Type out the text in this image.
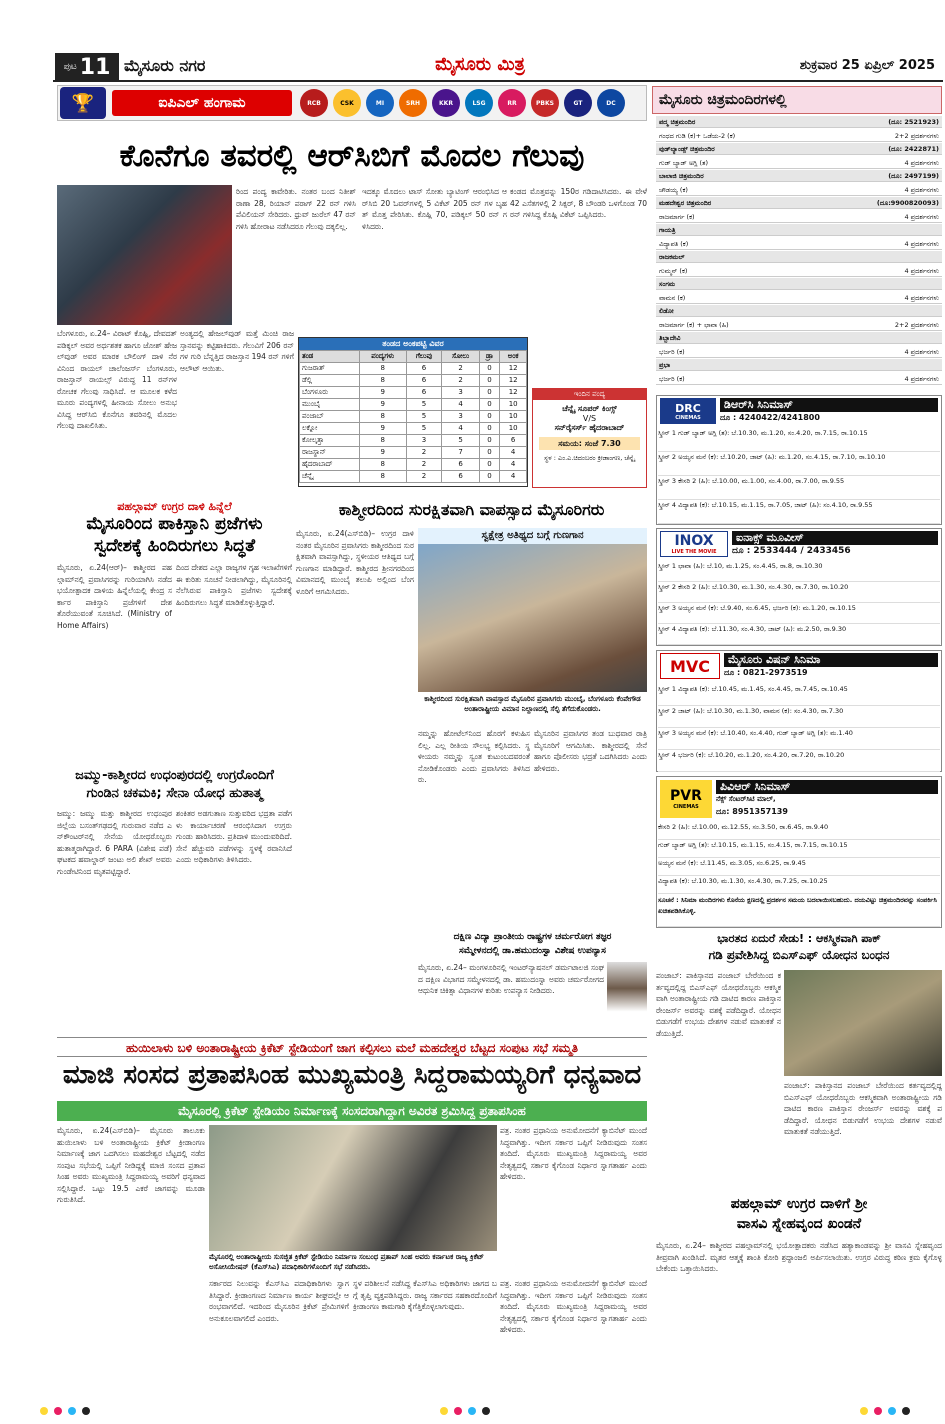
ಪುಟ 11 ಮೈಸೂರು ನಗರ	ಮೈಸೂರು ಮಿತ್ರ	ಶುಕ್ರವಾರ 25 ಏಪ್ರಿಲ್ 2025
🏆	ಐಪಿಎಲ್ ಹಂಗಾಮ	RCB	CSK	MI	SRH	KKR	LSG	RR	PBKS	GT	DC
ಕೊನೆಗೂ ತವರಲ್ಲಿ ಆರ್‌ಸಿಬಿಗೆ ಮೊದಲ ಗೆಲುವು
ಬೆಂಗಳೂರು, ಏ.24– ವಿರಾಟ್ ಕೊಹ್ಲಿ, ದೇವದತ್ ಪಡಿಕ್ಕಲ್ ಅವರ ಅರ್ಧಶತಕ ಹಾಗೂ ಜೋಶ್ ಹೇಜಲ್‌ವುಡ್ ಅವರ ಮಾರಕ ಬೌಲಿಂಗ್ ದಾಳಿ ನೆರವಿನಿಂದ ರಾಯಲ್ ಚಾಲೆಂಜರ್ಸ್ ಬೆಂಗಳೂರು, ರಾಜಸ್ತಾನ್ ರಾಯಲ್ಸ್ ವಿರುದ್ಧ 11 ರನ್‌ಗಳ ರೋಚಕ ಗೆಲುವು ಸಾಧಿಸಿದೆ. ಆ ಮೂಲಕ ಕಳೆದ ಮೂರು ಪಂದ್ಯಗಳಲ್ಲಿ ಹೀನಾಯ ಸೋಲು ಅನುಭವಿಸಿದ್ದ ಆರ್‌ಸಿಬಿ ಕೊನೆಗೂ ತವರಿನಲ್ಲಿ ಮೊದಲ ಗೆಲುವು ದಾಖಲಿಸಿತು.
ಅಂತ್ಯದಲ್ಲಿ ಹೇಜಲ್‌ವುಡ್ ಮತ್ತೆ ಮಿಂಚಿ ರಾಜಸ್ತಾನವನ್ನು ಕಟ್ಟಿಹಾಕಿದರು. ಗೆಲುವಿಗೆ 206 ರನ್ ಗಳ ಗುರಿ ಬೆನ್ನತ್ತಿದ ರಾಜಸ್ತಾನ 194 ರನ್ ಗಳಿಗೆ ಆಲೌಟ್ ಆಯಿತು.
ರಿಂದ ಪಂದ್ಯ ಕಾವೇರಿತು. ನಂತರ ಬಂದ ನಿತೀಶ್ ರಾಣಾ 28, ರಿಯಾನ್ ಪರಾಗ್ 22 ರನ್ ಗಳಿಸಿ ಪೆವಿಲಿಯನ್ ಸೇರಿದರು. ಧ್ರುವ್ ಜುರೆಲ್ 47 ರನ್ ಗಳಿಸಿ ಹೋರಾಟ ನಡೆಸಿದರೂ ಗೆಲುವು ದಕ್ಕಲಿಲ್ಲ.
ಇದಕ್ಕೂ ಮೊದಲು ಟಾಸ್ ಸೋತು ಬ್ಯಾಟಿಂಗ್ ಆರಂಭಿಸಿದ ಆರ್‌ಸಿಬಿ 20 ಓವರ್‌ಗಳಲ್ಲಿ 5 ವಿಕೆಟ್ 205 ರನ್ ಗಳ ಬೃಹತ್ ಮೊತ್ತ ಪೇರಿಸಿತು. ಕೊಹ್ಲಿ 70, ಪಡಿಕ್ಕಲ್ 50 ರನ್ ಗಳಿಸಿದರು.
ಕಂಡದ ಮೊತ್ತವನ್ನು 150ರ ಗಡಿದಾಟಿಸಿದರು. ಈ ವೇಳೆ 42 ಎಸೆತಗಳಲ್ಲಿ 2 ಸಿಕ್ಸರ್, 8 ಬೌಂಡರಿ ಒಳಗೊಂಡ 70 ರನ್ ಗಳಿಸಿದ್ದ ಕೊಹ್ಲಿ ವಿಕೆಟ್ ಒಪ್ಪಿಸಿದರು.
ತಂಡದ ಅಂಕಪಟ್ಟಿ ವಿವರ
ತಂಡ	ಪಂದ್ಯಗಳು	ಗೆಲುವು	ಸೋಲು	ಡ್ರಾ	ಅಂಕ
ಗುಜರಾತ್	8	6	2	0	12
ಡೆಲ್ಲಿ	8	6	2	0	12
ಬೆಂಗಳೂರು	9	6	3	0	12
ಮುಂಬೈ	9	5	4	0	10
ಪಂಜಾಬ್	8	5	3	0	10
ಲಕ್ನೋ	9	5	4	0	10
ಕೋಲ್ಕತ್ತಾ	8	3	5	0	6
ರಾಜಸ್ಥಾನ್	9	2	7	0	4
ಹೈದರಾಬಾದ್	8	2	6	0	4
ಚೆನ್ನೈ	8	2	6	0	4
ಇಂದಿನ ಪಂದ್ಯ
ಚೆನ್ನೈ ಸೂಪರ್ ಕಿಂಗ್ಸ್
V/S
ಸನ್‌ರೈಸರ್ಸ್ ಹೈದರಾಬಾದ್
ಸಮಯ: ಸಂಜೆ 7.30
ಸ್ಥಳ : ಎಂ.ಎ.ಚಿದಂಬರಂ ಕ್ರೀಡಾಂಗಣ, ಚೆನ್ನೈ
ಪಹಲ್ಗಾಮ್ ಉಗ್ರರ ದಾಳಿ ಹಿನ್ನೆಲೆ
ಮೈಸೂರಿಂದ ಪಾಕಿಸ್ತಾನಿ ಪ್ರಜೆಗಳು
ಸ್ವದೇಶಕ್ಕೆ ಹಿಂದಿರುಗಲು ಸಿದ್ಧತೆ
ಮೈಸೂರು, ಏ.24(ಆರ್‌)– ಕಾಶ್ಮೀರದ ಪಹಲ್ಗಾಮ್‌ನಲ್ಲಿ ಪ್ರವಾಸಿಗರನ್ನು ಗುರಿಯಾಗಿಸಿ ನಡೆದ ಭಯೋತ್ಪಾದಕ ದಾಳಿಯ ಹಿನ್ನೆಲೆಯಲ್ಲಿ ಕೇಂದ್ರ ಸರ್ಕಾರ ಪಾಕಿಸ್ತಾನಿ ಪ್ರಜೆಗಳಿಗೆ ದೇಶ ತೊರೆಯುವಂತೆ ಸೂಚಿಸಿದೆ. (Ministry of Home Affairs)
ದಿಂದ ದೇಶದ ಎಲ್ಲಾ ರಾಜ್ಯಗಳ ಗೃಹ ಇಲಾಖೆಗಳಿಗೆ ಈ ಕುರಿತು ಸೂಚನೆ ನೀಡಲಾಗಿದ್ದು, ಮೈಸೂರಿನಲ್ಲಿ ನೆಲೆಸಿರುವ ಪಾಕಿಸ್ತಾನಿ ಪ್ರಜೆಗಳು ಸ್ವದೇಶಕ್ಕೆ ಹಿಂದಿರುಗಲು ಸಿದ್ಧತೆ ಮಾಡಿಕೊಳ್ಳುತ್ತಿದ್ದಾರೆ.
ಜಮ್ಮು-ಕಾಶ್ಮೀರದ ಉಧಂಪುರದಲ್ಲಿ ಉಗ್ರರೊಂದಿಗೆ
ಗುಂಡಿನ ಚಕಮಕಿ; ಸೇನಾ ಯೋಧ ಹುತಾತ್ಮ
ಜಮ್ಮು: ಜಮ್ಮು ಮತ್ತು ಕಾಶ್ಮೀರದ ಉಧಂಪುರ ಜಿಲ್ಲೆಯ ಬಸಂತ್‌ಗಢದಲ್ಲಿ ಗುರುವಾರ ನಡೆದ ಎನ್‌ಕೌಂಟರ್‌ನಲ್ಲಿ ಸೇನೆಯ ಯೋಧರೊಬ್ಬರು ಹುತಾತ್ಮರಾಗಿದ್ದಾರೆ. 6 PARA (ವಿಶೇಷ ಪಡೆ) ಘಟಕದ ಹವಾಲ್ದಾರ್ ಜಂಟು ಅಲಿ ಶೇಖ್ ಅವರು ಗುಂಡೇಟಿನಿಂದ ಮೃತಪಟ್ಟಿದ್ದಾರೆ.
ಶಂಕಿತರ ಅಡಗುತಾಣ ಸುತ್ತುವರಿದ ಭದ್ರತಾ ಪಡೆಗಳು ಕಾರ್ಯಾಚರಣೆ ಆರಂಭಿಸಿದಾಗ ಉಗ್ರರು ಗುಂಡು ಹಾರಿಸಿದರು. ಪ್ರತಿದಾಳಿ ಮುಂದುವರಿದಿದೆ. ಸೇನೆ ಹೆಚ್ಚುವರಿ ಪಡೆಗಳನ್ನು ಸ್ಥಳಕ್ಕೆ ರವಾನಿಸಿದೆ ಎಂದು ಅಧಿಕಾರಿಗಳು ತಿಳಿಸಿದರು.
ಕಾಶ್ಮೀರದಿಂದ ಸುರಕ್ಷಿತವಾಗಿ ವಾಪಸ್ಸಾದ ಮೈಸೂರಿಗರು
ಮೈಸೂರು, ಏ.24(ಎಸ್‌ಬಿಡಿ)– ಉಗ್ರರ ದಾಳಿ ನಂತರ ಮೈಸೂರಿನ ಪ್ರವಾಸಿಗರು ಕಾಶ್ಮೀರದಿಂದ ಸುರಕ್ಷಿತವಾಗಿ ವಾಪಸ್ಸಾಗಿದ್ದು, ಸ್ಥಳೀಯರ ಆತಿಥ್ಯದ ಬಗ್ಗೆ ಗುಣಗಾನ ಮಾಡಿದ್ದಾರೆ. ಕಾಶ್ಮೀರದ ಶ್ರೀನಗರದಿಂದ ವಿಮಾನದಲ್ಲಿ ಮುಂಬೈ ತಲುಪಿ ಅಲ್ಲಿಂದ ಬೆಂಗಳೂರಿಗೆ ಆಗಮಿಸಿದರು.
ಸ್ವಕ್ಷೇತ್ರ ಅತಿಥ್ಯದ ಬಗ್ಗೆ ಗುಣಗಾನ
ಕಾಶ್ಮೀರದಿಂದ ಸುರಕ್ಷಿತವಾಗಿ ವಾಪಸ್ಸಾದ ಮೈಸೂರಿನ ಪ್ರವಾಸಿಗರು ಮುಂಬೈ, ಬೆಂಗಳೂರು ಕೆಂಪೇಗೌಡ ಅಂತಾರಾಷ್ಟ್ರೀಯ ವಿಮಾನ ನಿಲ್ದಾಣದಲ್ಲಿ ಸೆಲ್ಫಿ ತೆಗೆದುಕೊಂಡರು.
ನಮ್ಮನ್ನು ಹೋಟೆಲ್‌ನಿಂದ ಹೊರಗೆ ಕಳುಹಿಸಲಿಲ್ಲ. ಎಲ್ಲ ರೀತಿಯ ಸೌಲಭ್ಯ ಕಲ್ಪಿಸಿದರು. ಸ್ಥಳೀಯರು ನಮ್ಮನ್ನು ಸ್ವಂತ ಕುಟುಂಬದವರಂತೆ ನೋಡಿಕೊಂಡರು ಎಂದು ಪ್ರವಾಸಿಗರು ತಿಳಿಸಿದರು.
ಮೈಸೂರಿನ ಪ್ರವಾಸಿಗರ ತಂಡ ಬುಧವಾರ ರಾತ್ರಿ ಮೈಸೂರಿಗೆ ಆಗಮಿಸಿತು. ಕಾಶ್ಮೀರದಲ್ಲಿ ಸೇನೆ ಹಾಗೂ ಪೊಲೀಸರು ಭದ್ರತೆ ಒದಗಿಸಿದರು ಎಂದು ಹೇಳಿದರು.
ದಕ್ಷಿಣ ವಿದ್ಯಾ ಪ್ರಾಂತೀಯ ರಾಷ್ಟ್ರಗಳ ಚರ್ಮರೋಗ ತಜ್ಞರ
ಸಮ್ಮೇಳನದಲ್ಲಿ ಡಾ.ಹಮುದಂಸ್ವಾ ವಿಶೇಷ ಉಪನ್ಯಾಸ
ಮೈಸೂರು, ಏ.24– ಮಂಗಳೂರಿನಲ್ಲಿ ಇಂಟರ್‌ನ್ಯಾಷನಲ್ ಡರ್ಮಟಾಲಜಿ ಸಂಘದ ದಕ್ಷಿಣ ವಿಭಾಗದ ಸಮ್ಮೇಳನದಲ್ಲಿ ಡಾ. ಹಮುದಂಸ್ವಾ ಅವರು ಚರ್ಮರೋಗದ ಆಧುನಿಕ ಚಿಕಿತ್ಸಾ ವಿಧಾನಗಳ ಕುರಿತು ಉಪನ್ಯಾಸ ನೀಡಿದರು.
ಹುಯಿಲಾಳು ಬಳಿ ಅಂತಾರಾಷ್ಟ್ರೀಯ ಕ್ರಿಕೆಟ್ ಸ್ಟೇಡಿಯಂಗೆ ಜಾಗ ಕಲ್ಪಿಸಲು ಮಲೆ ಮಹದೇಶ್ವರ ಬೆಟ್ಟದ ಸಂಪುಟ ಸಭೆ ಸಮ್ಮತಿ
ಮಾಜಿ ಸಂಸದ ಪ್ರತಾಪಸಿಂಹ ಮುಖ್ಯಮಂತ್ರಿ ಸಿದ್ದರಾಮಯ್ಯರಿಗೆ ಧನ್ಯವಾದ
ಮೈಸೂರಲ್ಲಿ ಕ್ರಿಕೆಟ್ ಸ್ಟೇಡಿಯಂ ನಿರ್ಮಾಣಕ್ಕೆ ಸಂಸದರಾಗಿದ್ದಾಗ ಅವಿರತ ಶ್ರಮಿಸಿದ್ದ ಪ್ರತಾಪಸಿಂಹ
ಮೈಸೂರು, ಏ.24(ಎಸ್‌ಬಿಡಿ)– ಮೈಸೂರು ತಾಲೂಕು ಹುಯಿಲಾಳು ಬಳಿ ಅಂತಾರಾಷ್ಟ್ರೀಯ ಕ್ರಿಕೆಟ್ ಕ್ರೀಡಾಂಗಣ ನಿರ್ಮಾಣಕ್ಕೆ ಜಾಗ ಒದಗಿಸಲು ಮಹದೇಶ್ವರ ಬೆಟ್ಟದಲ್ಲಿ ನಡೆದ ಸಂಪುಟ ಸಭೆಯಲ್ಲಿ ಒಪ್ಪಿಗೆ ನೀಡಿದ್ದಕ್ಕೆ ಮಾಜಿ ಸಂಸದ ಪ್ರತಾಪಸಿಂಹ ಅವರು ಮುಖ್ಯಮಂತ್ರಿ ಸಿದ್ದರಾಮಯ್ಯ ಅವರಿಗೆ ಧನ್ಯವಾದ ಸಲ್ಲಿಸಿದ್ದಾರೆ. ಒಟ್ಟು 19.5 ಎಕರೆ ಜಾಗವನ್ನು ಮೂಡಾ ಗುರುತಿಸಿದೆ.
ಮೈಸೂರಲ್ಲಿ ಅಂತಾರಾಷ್ಟ್ರೀಯ ಸುಸಜ್ಜಿತ ಕ್ರಿಕೆಟ್ ಸ್ಟೇಡಿಯಂ ನಿರ್ಮಾಣ ಸಂಬಂಧ ಪ್ರತಾಪ್ ಸಿಂಹ ಅವರು ಕರ್ನಾಟಕ ರಾಜ್ಯ ಕ್ರಿಕೆಟ್ ಅಸೋಸಿಯೇಷನ್ (ಕೆಎಸ್‌ಸಿಎ) ಪದಾಧಿಕಾರಿಗಳೊಂದಿಗೆ ಸಭೆ ನಡೆಸಿದರು.
ಪತ್ರ. ನಂತರ ಪ್ರಧಾನಿಯ ಅನುಮೋದನೆಗೆ ಕ್ಯಾಬಿನೆಟ್‌ ಮುಂದೆ ಸಿದ್ಧವಾಗಿತ್ತು. ಇದೀಗ ಸರ್ಕಾರ ಒಪ್ಪಿಗೆ ನೀಡಿರುವುದು ಸಂತಸ ತಂದಿದೆ. ಮೈಸೂರು ಮುಖ್ಯಮಂತ್ರಿ ಸಿದ್ದರಾಮಯ್ಯ ಅವರ ನೇತೃತ್ವದಲ್ಲಿ ಸರ್ಕಾರ ಕೈಗೊಂಡ ನಿರ್ಧಾರ ಸ್ವಾಗತಾರ್ಹ ಎಂದು ಹೇಳಿದರು.
ಸರ್ಕಾರದ ನಿಲುವನ್ನು ಕೆಎಸ್‌ಸಿಎ ಪದಾಧಿಕಾರಿಗಳು ಸ್ವಾಗತಿಸಿದ್ದಾರೆ. ಕ್ರೀಡಾಂಗಣದ ನಿರ್ಮಾಣ ಕಾರ್ಯ ಶೀಘ್ರದಲ್ಲೇ ಆರಂಭವಾಗಲಿದೆ. ಇದರಿಂದ ಮೈಸೂರಿನ ಕ್ರಿಕೆಟ್ ಪ್ರೇಮಿಗಳಿಗೆ ಅನುಕೂಲವಾಗಲಿದೆ ಎಂದರು.
ಸ್ಥಳ ಪರಿಶೀಲನೆ ನಡೆಸಿದ್ದ ಕೆಎಸ್‌ಸಿಎ ಅಧಿಕಾರಿಗಳು ಜಾಗದ ಬಗ್ಗೆ ತೃಪ್ತಿ ವ್ಯಕ್ತಪಡಿಸಿದ್ದರು. ರಾಜ್ಯ ಸರ್ಕಾರದ ಸಹಕಾರದೊಂದಿಗೆ ಕ್ರೀಡಾಂಗಣ ಕಾಮಗಾರಿ ಕೈಗೆತ್ತಿಕೊಳ್ಳಲಾಗುವುದು.
ಪತ್ರ. ನಂತರ ಪ್ರಧಾನಿಯ ಅನುಮೋದನೆಗೆ ಕ್ಯಾಬಿನೆಟ್‌ ಮುಂದೆ ಸಿದ್ಧವಾಗಿತ್ತು. ಇದೀಗ ಸರ್ಕಾರ ಒಪ್ಪಿಗೆ ನೀಡಿರುವುದು ಸಂತಸ ತಂದಿದೆ. ಮೈಸೂರು ಮುಖ್ಯಮಂತ್ರಿ ಸಿದ್ದರಾಮಯ್ಯ ಅವರ ನೇತೃತ್ವದಲ್ಲಿ ಸರ್ಕಾರ ಕೈಗೊಂಡ ನಿರ್ಧಾರ ಸ್ವಾಗತಾರ್ಹ ಎಂದು ಹೇಳಿದರು.
ಮೈಸೂರು ಚಿತ್ರಮಂದಿರಗಳಲ್ಲಿ
ಪದ್ಮ ಚಿತ್ರಮಂದಿರ	(ದೂ: 2521923)
ಗಂಧದ ಗುಡಿ (ಕ)+ ಒಡೆಯ-2 (ಕ)	2+2 ಪ್ರದರ್ಶನಗಳು
ವುಡ್‌ಲ್ಯಾಂಡ್ಸ್ ಚಿತ್ರಮಂದಿರ	(ದೂ: 2422871)
ಗುಡ್ ಬ್ಯಾಡ್ ಅಗ್ಲಿ (ತ)	4 ಪ್ರದರ್ಶನಗಳು
ಬಾಲಾಜಿ ಚಿತ್ರಮಂದಿರ	(ದೂ: 2497199)
ಚೌಡಯ್ಯ (ಕ)	4 ಪ್ರದರ್ಶನಗಳು
ಮಹದೇಶ್ವರ ಚಿತ್ರಮಂದಿರ	(ದೂ:9900820093)
ರಾಜಮಾರ್ಗ (ಕ)	4 ಪ್ರದರ್ಶನಗಳು
ಗಾಯತ್ರಿ
ವಿದ್ಯಾಪತಿ (ಕ)	4 ಪ್ರದರ್ಶನಗಳು
ರಾಜಕಮಲ್
ಗುಮ್ಮನ್ (ಕ)	4 ಪ್ರದರ್ಶನಗಳು
ಸಂಗಮ
ವಾಮನ (ಕ)	4 ಪ್ರದರ್ಶನಗಳು
ಲಿಡೋ
ರಾಜಮಾರ್ಗ (ಕ) + ಛಾವಾ (ಹಿ)	2+2 ಪ್ರದರ್ಶನಗಳು
ತಿಬ್ಬಾದೇವಿ
ಭರ್ಜರಿ (ಕ)	4 ಪ್ರದರ್ಶನಗಳು
ಪ್ರಭಾ
ಭರ್ಜರಿ (ಕ)	4 ಪ್ರದರ್ಶನಗಳು
DRC
CINEMAS
ಡಿಆರ್‌ಸಿ ಸಿನಿಮಾಸ್
ದೂ : 4240422/4241800
ಸ್ಕ್ರೀನ್ 1 ಗುಡ್ ಬ್ಯಾಡ್ ಅಗ್ಲಿ (ತ): ಬೆ.10.30, ಮ.1.20, ಸಂ.4.20, ರಾ.7.15, ರಾ.10.15
ಸ್ಕ್ರೀನ್ 2 ಅಯ್ಯನ ಮನೆ (ಕ): ಬೆ.10.20, ಜಾಟ್ (ಹಿ): ಮ.1.20, ಸಂ.4.15, ರಾ.7.10, ರಾ.10.10
ಸ್ಕ್ರೀನ್ 3 ಕೇಸರಿ 2 (ಹಿ): ಬೆ.10.00, ಮ.1.00, ಸಂ.4.00, ರಾ.7.00, ರಾ.9.55
ಸ್ಕ್ರೀನ್ 4 ವಿದ್ಯಾಪತಿ (ಕ): ಬೆ.10.15, ಮ.1.15, ರಾ.7.05, ಜಾಟ್ (ಹಿ): ಸಂ.4.10, ರಾ.9.55
INOX
LIVE THE MOVIE
ಐನಾಕ್ಸ್ ಮೂವೀಸ್
ದೂ : 2533444 / 2433456
ಸ್ಕ್ರೀನ್ 1 ಛಾವಾ (ಹಿ): ಬೆ.10, ಮ.1.25, ಸಂ.4.45, ರಾ.8, ರಾ.10.30
ಸ್ಕ್ರೀನ್ 2 ಕೇಸರಿ 2 (ಹಿ): ಬೆ.10.30, ಮ.1.30, ಸಂ.4.30, ರಾ.7.30, ರಾ.10.20
ಸ್ಕ್ರೀನ್ 3 ಅಯ್ಯನ ಮನೆ (ಕ): ಬೆ.9.40, ಸಂ.6.45, ಭರ್ಜರಿ (ಕ): ಮ.1.20, ರಾ.10.15
ಸ್ಕ್ರೀನ್ 4 ವಿದ್ಯಾಪತಿ (ಕ): ಬೆ.11.30, ಸಂ.4.30, ಜಾಟ್ (ಹಿ): ಮ.2.50, ರಾ.9.30
MVC	ಮೈಸೂರು ವಿಷನ್ ಸಿನಿಮಾ
ದೂ : 0821-2973519
ಸ್ಕ್ರೀನ್ 1 ವಿದ್ಯಾಪತಿ (ಕ): ಬೆ.10.45, ಮ.1.45, ಸಂ.4.45, ರಾ.7.45, ರಾ.10.45
ಸ್ಕ್ರೀನ್ 2 ಜಾಟ್ (ಹಿ): ಬೆ.10.30, ಮ.1.30, ವಾಮನ (ಕ): ಸಂ.4.30, ರಾ.7.30
ಸ್ಕ್ರೀನ್ 3 ಅಯ್ಯನ ಮನೆ (ಕ): ಬೆ.10.40, ಸಂ.4.40, ಗುಡ್ ಬ್ಯಾಡ್ ಅಗ್ಲಿ (ತ): ಮ.1.40
ಸ್ಕ್ರೀನ್ 4 ಭರ್ಜರಿ (ಕ): ಬೆ.10.20, ಮ.1.20, ಸಂ.4.20, ರಾ.7.20, ರಾ.10.20
PVR
CINEMAS
ಪಿವಿಆರ್ ಸಿನಿಮಾಸ್
ನೆಕ್ಸ್ ಸೆಂಟರ್‌ಸಿಟಿ ಮಾಲ್,
ದೂ: 8951357139
ಕೇಸರಿ 2 (ಹಿ): ಬೆ.10.00, ಮ.12.55, ಸಂ.3.50, ರಾ.6.45, ರಾ.9.40
ಗುಡ್ ಬ್ಯಾಡ್ ಅಗ್ಲಿ (ತ): ಬೆ.10.15, ಮ.1.15, ಸಂ.4.15, ರಾ.7.15, ರಾ.10.15
ಅಯ್ಯನ ಮನೆ (ಕ): ಬೆ.11.45, ಮ.3.05, ಸಂ.6.25, ರಾ.9.45
ವಿದ್ಯಾಪತಿ (ಕ): ಬೆ.10.30, ಮ.1.30, ಸಂ.4.30, ರಾ.7.25, ರಾ.10.25
ಸೂಚನೆ : ಸಿನಿಮಾ ಮಂದಿರಗಳು ಕೊನೆಯ ಕ್ಷಣದಲ್ಲಿ ಪ್ರದರ್ಶನ ಸಮಯ ಬದಲಾಯಿಸಬಹುದು. ದಯವಿಟ್ಟು ಚಿತ್ರಮಂದಿರವನ್ನು ಸಂಪರ್ಕಿಸಿ ಖಚಿತಪಡಿಸಿಕೊಳ್ಳಿ.
ಭಾರತದ ಏದುರೆ ಸೇಡು! : ಆಕಸ್ಮಿಕವಾಗಿ ಪಾಕ್
ಗಡಿ ಪ್ರವೇಶಿಸಿದ್ದ ಬಿಎಸ್‌ಎಫ್ ಯೋಧನ ಬಂಧನ
ಪಂಜಾಬ್: ಪಾಕಿಸ್ತಾನದ ಪಂಜಾಬ್ ಬೇರೆಯಿಂದ ಕರ್ತವ್ಯದಲ್ಲಿದ್ದ ಬಿಎಸ್‌ಎಫ್ ಯೋಧರೊಬ್ಬರು ಆಕಸ್ಮಿಕವಾಗಿ ಅಂತಾರಾಷ್ಟ್ರೀಯ ಗಡಿ ದಾಟಿದ ಕಾರಣ ಪಾಕಿಸ್ತಾನ ರೇಂಜರ್ಸ್ ಅವರನ್ನು ವಶಕ್ಕೆ ಪಡೆದಿದ್ದಾರೆ. ಯೋಧನ ಬಿಡುಗಡೆಗೆ ಉಭಯ ದೇಶಗಳ ನಡುವೆ ಮಾತುಕತೆ ನಡೆಯುತ್ತಿದೆ.
ಪಂಜಾಬ್: ಪಾಕಿಸ್ತಾನದ ಪಂಜಾಬ್ ಬೇರೆಯಿಂದ ಕರ್ತವ್ಯದಲ್ಲಿದ್ದ ಬಿಎಸ್‌ಎಫ್ ಯೋಧರೊಬ್ಬರು ಆಕಸ್ಮಿಕವಾಗಿ ಅಂತಾರಾಷ್ಟ್ರೀಯ ಗಡಿ ದಾಟಿದ ಕಾರಣ ಪಾಕಿಸ್ತಾನ ರೇಂಜರ್ಸ್ ಅವರನ್ನು ವಶಕ್ಕೆ ಪಡೆದಿದ್ದಾರೆ. ಯೋಧನ ಬಿಡುಗಡೆಗೆ ಉಭಯ ದೇಶಗಳ ನಡುವೆ ಮಾತುಕತೆ ನಡೆಯುತ್ತಿದೆ.
ಪಹಲ್ಗಾಮ್ ಉಗ್ರರ ದಾಳಿಗೆ ಶ್ರೀ
ವಾಸವಿ ಸ್ನೇಹವೃಂದ ಖಂಡನೆ
ಮೈಸೂರು, ಏ.24– ಕಾಶ್ಮೀರದ ಪಹಲ್ಗಾಮ್‌ನಲ್ಲಿ ಭಯೋತ್ಪಾದಕರು ನಡೆಸಿದ ಹತ್ಯಾಕಾಂಡವನ್ನು ಶ್ರೀ ವಾಸವಿ ಸ್ನೇಹವೃಂದ ತೀವ್ರವಾಗಿ ಖಂಡಿಸಿದೆ. ಮೃತರ ಆತ್ಮಕ್ಕೆ ಶಾಂತಿ ಕೋರಿ ಶ್ರದ್ಧಾಂಜಲಿ ಅರ್ಪಿಸಲಾಯಿತು. ಉಗ್ರರ ವಿರುದ್ಧ ಕಠಿಣ ಕ್ರಮ ಕೈಗೊಳ್ಳಬೇಕೆಂದು ಒತ್ತಾಯಿಸಿದರು.
